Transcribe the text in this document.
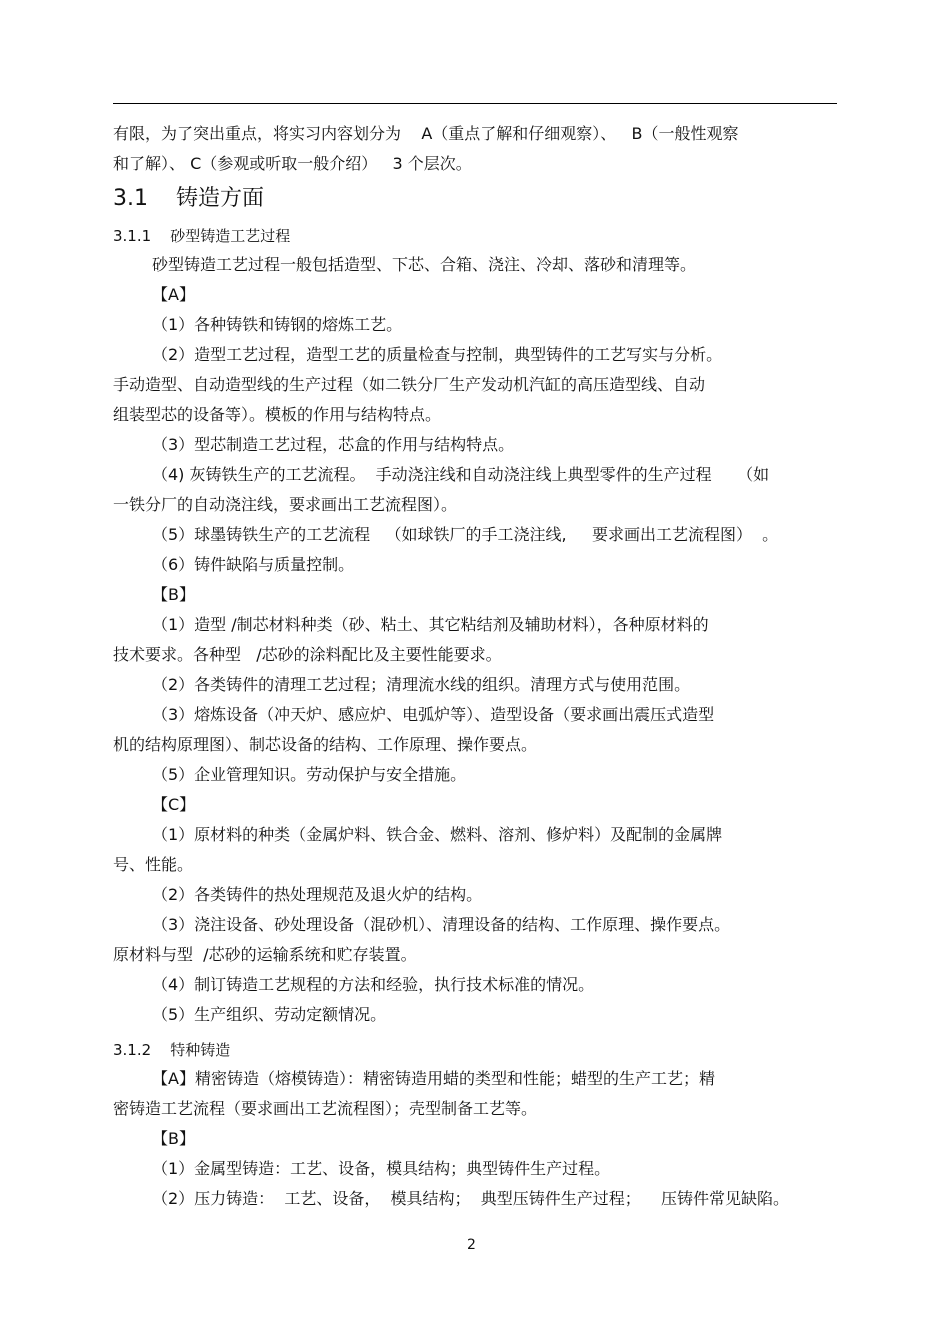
有限，为了突出重点，将实习内容划分为    A（重点了解和仔细观察）、   B（一般性观察
和了解）、 C（参观或听取一般介绍）   3 个层次。
3.1    铸造方面
3.1.1    砂型铸造工艺过程
砂型铸造工艺过程一般包括造型、下芯、合箱、浇注、冷却、落砂和清理等。
【A】
（1）各种铸铁和铸钢的熔炼工艺。
（2）造型工艺过程，造型工艺的质量检查与控制，典型铸件的工艺写实与分析。
手动造型、自动造型线的生产过程（如二铁分厂生产发动机汽缸的高压造型线、自动
组装型芯的设备等）。模板的作用与结构特点。
（3）型芯制造工艺过程，芯盒的作用与结构特点。
（4) 灰铸铁生产的工艺流程。  手动浇注线和自动浇注线上典型零件的生产过程     （如
一铁分厂的自动浇注线，要求画出工艺流程图）。
（5）球墨铸铁生产的工艺流程   （如球铁厂的手工浇注线,     要求画出工艺流程图）  。
（6）铸件缺陷与质量控制。
【B】
（1）造型 /制芯材料种类（砂、粘土、其它粘结剂及辅助材料），各种原材料的
技术要求。各种型   /芯砂的涂料配比及主要性能要求。
（2）各类铸件的清理工艺过程；清理流水线的组织。清理方式与使用范围。
（3）熔炼设备（冲天炉、感应炉、电弧炉等）、造型设备（要求画出震压式造型
机的结构原理图）、制芯设备的结构、工作原理、操作要点。
（5）企业管理知识。劳动保护与安全措施。
【C】
（1）原材料的种类（金属炉料、铁合金、燃料、溶剂、修炉料）及配制的金属牌
号、性能。
（2）各类铸件的热处理规范及退火炉的结构。
（3）浇注设备、砂处理设备（混砂机）、清理设备的结构、工作原理、操作要点。
原材料与型  /芯砂的运输系统和贮存装置。
（4）制订铸造工艺规程的方法和经验，执行技术标准的情况。
（5）生产组织、劳动定额情况。
3.1.2    特种铸造
【A】精密铸造（熔模铸造）：精密铸造用蜡的类型和性能；蜡型的生产工艺；精
密铸造工艺流程（要求画出工艺流程图）；壳型制备工艺等。
【B】
（1）金属型铸造：工艺、设备，模具结构；典型铸件生产过程。
（2）压力铸造：  工艺、设备，  模具结构；  典型压铸件生产过程；    压铸件常见缺陷。
2
